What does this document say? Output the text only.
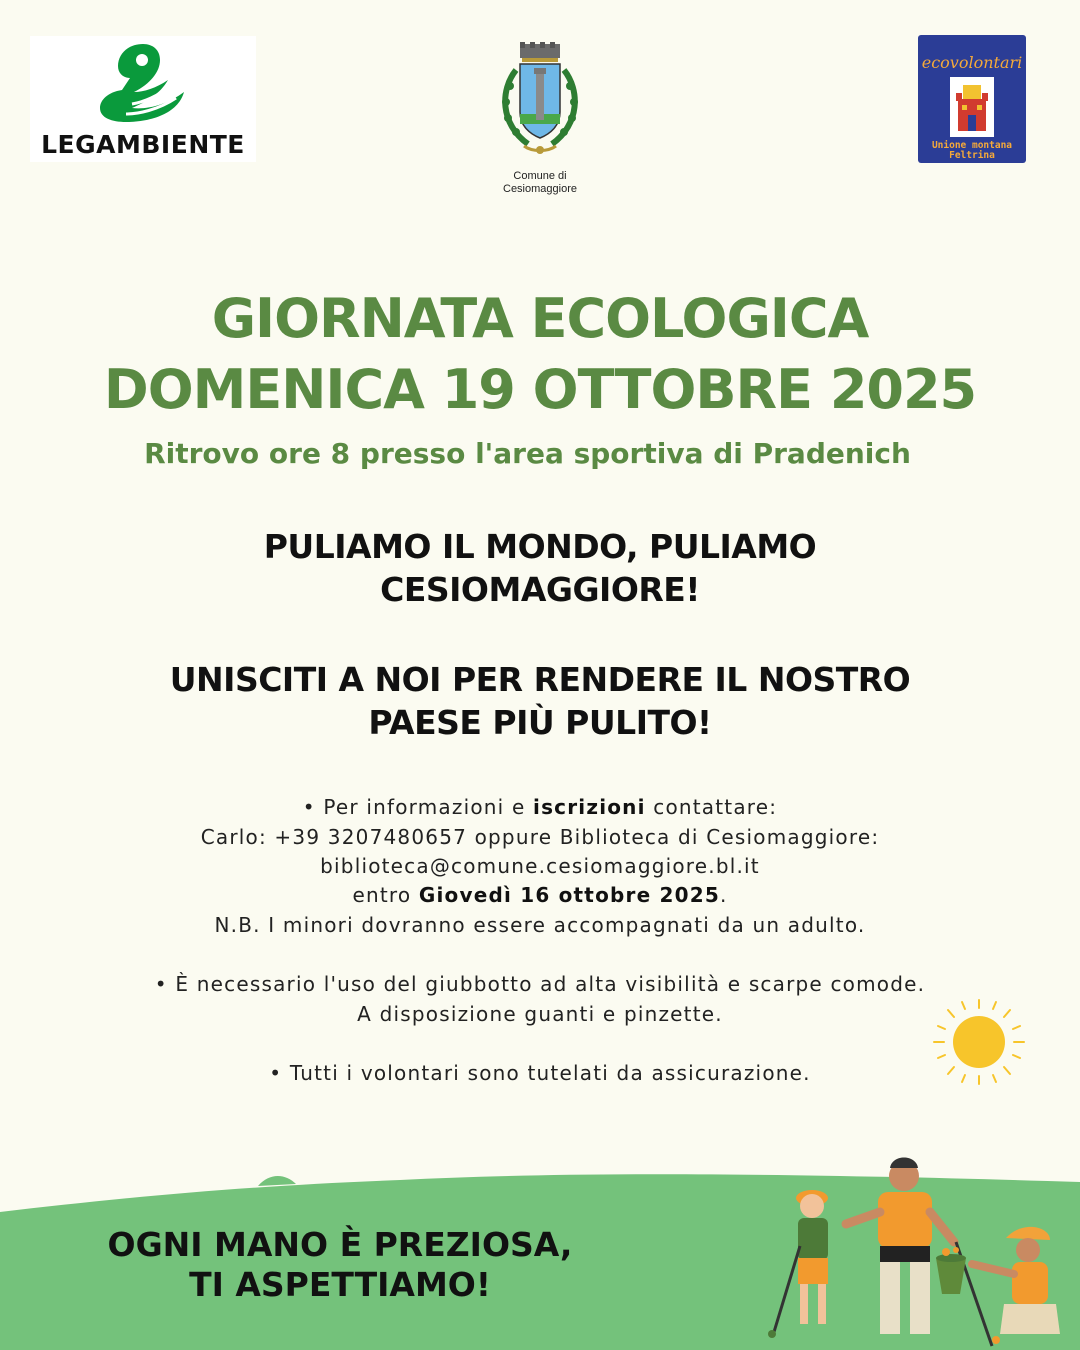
LEGAMBIENTE
Comune di
Cesiomaggiore
ecovolontari
Unione montana
Feltrina
GIORNATA ECOLOGICA
DOMENICA 19 OTTOBRE 2025
Ritrovo ore 8 presso l'area sportiva di Pradenich
PULIAMO IL MONDO, PULIAMO
CESIOMAGGIORE!
UNISCITI A NOI PER RENDERE IL NOSTRO
PAESE PIÙ PULITO!
• Per informazioni e iscrizioni contattare:
Carlo: +39 3207480657 oppure Biblioteca di Cesiomaggiore:
biblioteca@comune.cesiomaggiore.bl.it
entro Giovedì 16 ottobre 2025.
N.B. I minori dovranno essere accompagnati da un adulto.
• È necessario l'uso del giubbotto ad alta visibilità e scarpe comode.
A disposizione guanti e pinzette.
• Tutti i volontari sono tutelati da assicurazione.
OGNI MANO È PREZIOSA,
TI ASPETTIAMO!
